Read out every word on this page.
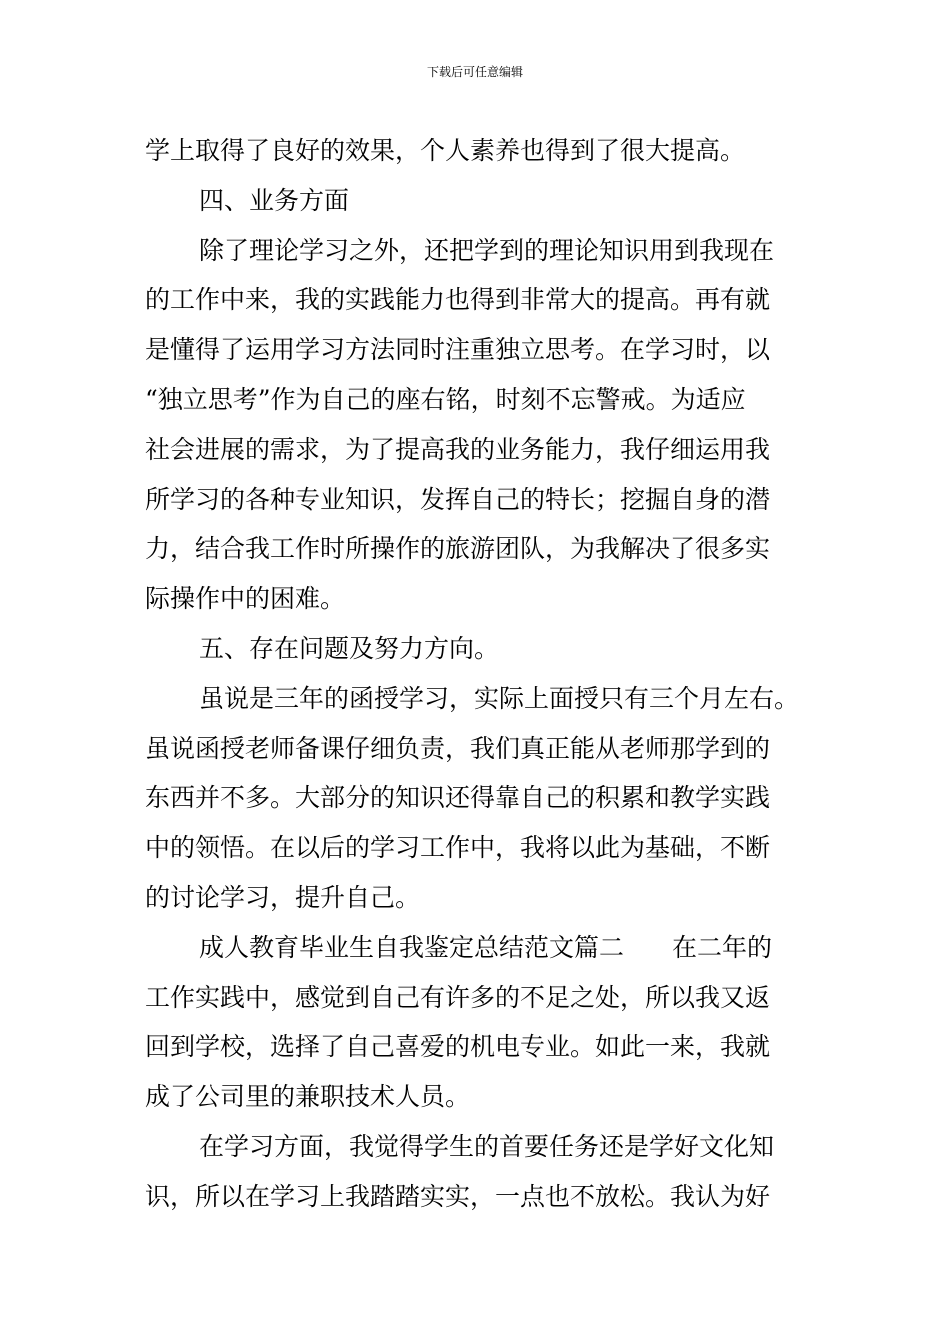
下载后可任意编辑
学上取得了良好的效果，个人素养也得到了很大提高。
四、业务方面
除了理论学习之外，还把学到的理论知识用到我现在
的工作中来，我的实践能力也得到非常大的提高。再有就
是懂得了运用学习方法同时注重独立思考。在学习时，以
“独立思考”作为自己的座右铭，时刻不忘警戒。为适应
社会进展的需求，为了提高我的业务能力，我仔细运用我
所学习的各种专业知识，发挥自己的特长；挖掘自身的潜
力，结合我工作时所操作的旅游团队，为我解决了很多实
际操作中的困难。
五、存在问题及努力方向。
虽说是三年的函授学习，实际上面授只有三个月左右。
虽说函授老师备课仔细负责，我们真正能从老师那学到的
东西并不多。大部分的知识还得靠自己的积累和教学实践
中的领悟。在以后的学习工作中，我将以此为基础，不断
的讨论学习，提升自己。
成人教育毕业生自我鉴定总结范文篇二 在二年的
工作实践中，感觉到自己有许多的不足之处，所以我又返
回到学校，选择了自己喜爱的机电专业。如此一来，我就
成了公司里的兼职技术人员。
在学习方面，我觉得学生的首要任务还是学好文化知
识，所以在学习上我踏踏实实，一点也不放松。我认为好
